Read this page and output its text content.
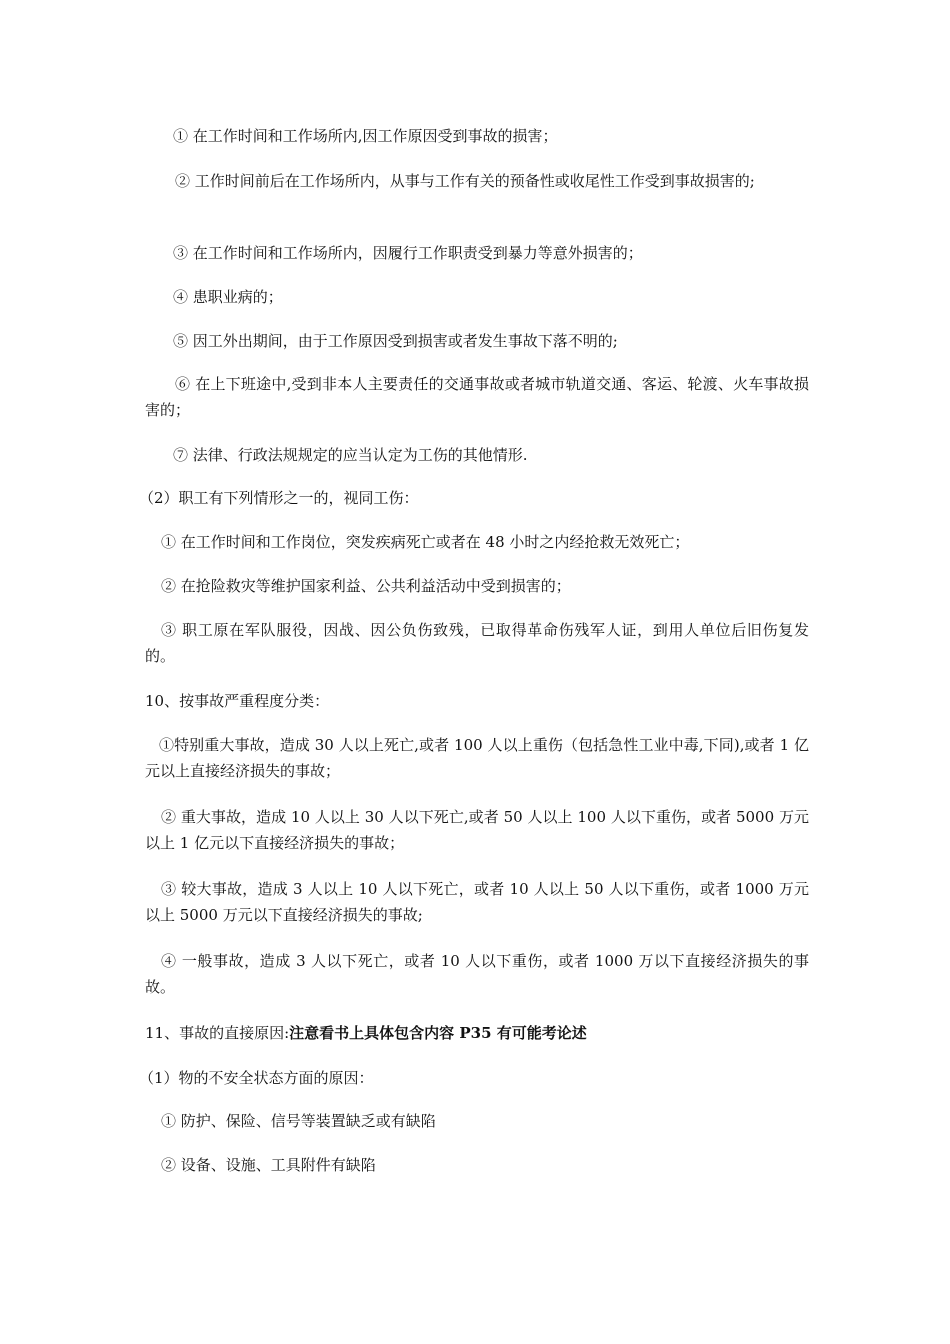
① 在工作时间和工作场所内,因工作原因受到事故的损害；

② 工作时间前后在工作场所内，从事与工作有关的预备性或收尾性工作受到事故损害的;

③ 在工作时间和工作场所内，因履行工作职责受到暴力等意外损害的；

④ 患职业病的；

⑤ 因工外出期间，由于工作原因受到损害或者发生事故下落不明的;

⑥ 在上下班途中,受到非本人主要责任的交通事故或者城市轨道交通、客运、轮渡、火车事故损害的；

⑦ 法律、行政法规规定的应当认定为工伤的其他情形.

（2）职工有下列情形之一的，视同工伤：

① 在工作时间和工作岗位，突发疾病死亡或者在 48 小时之内经抢救无效死亡；

② 在抢险救灾等维护国家利益、公共利益活动中受到损害的；

③ 职工原在军队服役，因战、因公负伤致残，已取得革命伤残军人证，到用人单位后旧伤复发的。

10、按事故严重程度分类：

①特别重大事故，造成 30 人以上死亡,或者 100 人以上重伤（包括急性工业中毒,下同),或者 1 亿元以上直接经济损失的事故；

② 重大事故，造成 10 人以上 30 人以下死亡,或者 50 人以上 100 人以下重伤，或者 5000 万元以上 1 亿元以下直接经济损失的事故；

③ 较大事故，造成 3 人以上 10 人以下死亡，或者 10 人以上 50 人以下重伤，或者 1000 万元以上 5000 万元以下直接经济损失的事故;

④ 一般事故，造成 3 人以下死亡，或者 10 人以下重伤，或者 1000 万以下直接经济损失的事故。

11、事故的直接原因:注意看书上具体包含内容 P35 有可能考论述

（1）物的不安全状态方面的原因：

① 防护、保险、信号等装置缺乏或有缺陷

② 设备、设施、工具附件有缺陷
